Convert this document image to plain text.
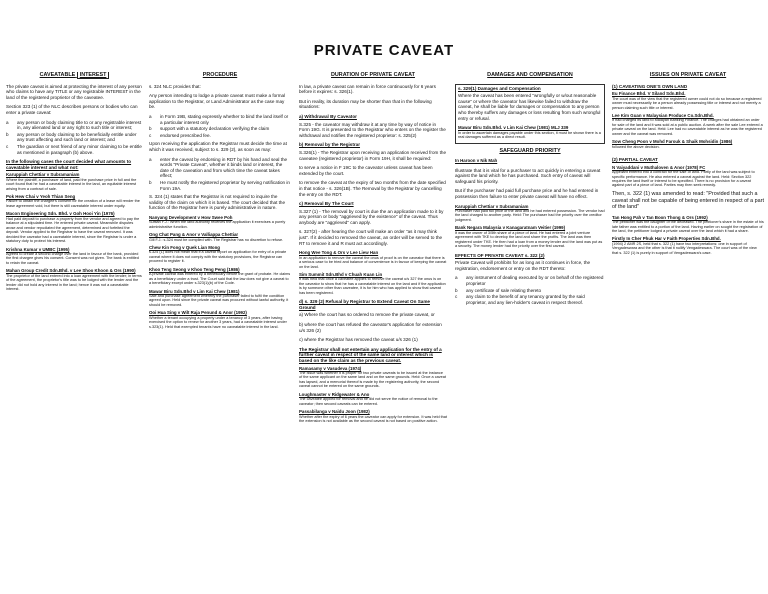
PRIVATE CAVEAT
CAVEATABLE INTEREST
The private caveat is aimed at protecting the interest of any person who claims to have any TITLE or any registrable INTEREST in the land of the registered proprietor of the caveatee.
Section 323 (1) of the NLC describes persons or bodies who can enter a private caveat:
a	any person or body claiming title to or any registrable interest in, any alienated land or any right to such title or interest;
b	any person or body claiming to be beneficially entitle under any trust affecting and such land or interest; and
c	The guardian or next friend of any minor claiming to be entitle as mentioned in paragraph (b) above.
In the following cases the court decided what amounts to caveatable interest and what not:
Karuppiah Chettiar v Subramaniam
Where the plaintiff, a purchaser of land, paid the purchase price in full and the court found that he had a caveatable interest in the land, an equitable interest arising from a contract of sale.
Pok Hew Chai v Yeoh Thian Seng
Failure to obtain the chargee's consent for the creation of a lease will render the lease agreement void, but there is still caveatable interest under equity.
Macon Engineering Sdn. Bhd. v Goh Hooi Yin (1976)
Had paid deposit to purchase a property from the vendor and agreed to pay the balance at a stipulated time. He entered private caveat. Meanwhile disputes arose and vendor repudiated the agreement, determined and forfeited the deposit. Vendor applied to the Registrar to have the caveat removed. It was decided the caveator had a caveatable interest, since the Registrar is under a statutory duty to protect his interest.
Krishna Kumar v UMBC (1995)
Agreed to create a second charge over the land in favour of the bank, provided the first chargee gives his consent. Consent was not given. The bank is entitled to retain the caveat.
Mahan Group Credit Sdn.Bhd. v Lee Shoo Khoon & Ors (1990)
The proprietor of the land entered into a loan agreement with the lender; in terms of the agreement, the proprietor's title was to be lodged with the lender and the lender did not hold any interest in the land; hence it was not a caveatable interest.
PROCEDURE
s. 324 NLC provides that:
Any person intending to lodge a private caveat must make a formal application to the Registrar, or Land Administrator as the case may be.
a	in Form 19B, stating expressly whether to bind the land itself or a particular interest only
b	support with a statutory declaration verifying the claim
c	endorsed prescribed fee.
Upon receiving the application the Registrar must decide the time at which it was received, subject to s. 329 (2), as soon as may:
a	enter the caveat by endorsing in RDT by his hand and seal the words "Private Caveat", whether it binds land or interest, the date of the caveation and from which time the caveat takes effect;
b	He must notify the registered proprietor by serving notification in Form 19A.
S. 324 (1) states that the Registrar is not required to inquire the validity of the claim on which it is based. The court decided that the function of the Registrar here is purely administrative in nature.
Nanyang Development v How Swee Poh
Suffian F.J.: When the land authority receives the application it exercises a purely administrative function.
Ong Chat Pang & Anor v Valliappa Chettiar
Gill F.J.: s.324 must be complied with. The Registrar has no discretion to refuse.
Chew Kin Fong v Quek Lian Mong
s.324 (1) does not mean that if a caveat report on application for entry of a private caveat where it does not comply with the statutory provisions, the Registrar can proceed to register it.
Khoo Teng Seong v Khoo Teng Peng (1986)
A private caveat was entered by a beneficiary before the grant of probate. He claims as a beneficiary under a trust. The Court said that the law does not give a caveat to a beneficiary except under s.323(1)(b) of the Code.
Mawar Biru Sdn.Bhd v Lim Kai Chew (1981)
Sale and purchase agreement whereby the purchaser failed to fulfil the condition agreed upon. Held since the private caveat was procured without lawful authority, it should be removed.
Ooi Hua Sing v Wilt Raja Penund & Anor (1992)
Whether a tenant occupying a property under a tenancy of 3 years, after having exercised the option to renew for another 3 years, had a caveatable interest under s.323(1). Held that exempted tenants have no caveatable interest in the land.
DURATION OF PRIVATE CAVEAT
In law, a private caveat can remain in force continuously for 6 years before it expires: s. 326(1).
But in reality, its duration may be shorter than that in the following situations:
a) Withdrawal By Caveator
S.325 - the caveator may withdraw it at any time by way of notice in Form 19G. It is presented to the Registrar who enters on the register the withdrawal and notifies the registered proprietor: s. 325(2)
b) Removal by the Registrar
S.326(1) - The Registrar upon receiving an application received from the caveatee (registered proprietor) in Form 19H, it shall be required:
to serve a notice in F 19C to the caveator unless caveat has been extended by the court.
to remove the caveat at the expiry of two months from the date specified in that notice - s. 326(1B). The Removal by the Registrar by cancelling the entry on the RDT.
c) Removal By The Court
S.327 (1) - The removal by court is due the an application made to it by any person or body "aggrieved by the existence" of the caveat. Thus anybody are "aggrieved" can apply.
s. 327(2) - after hearing the court will make an order "as it may think just". If it decided to removed the caveat, an order will be served to the RT to remove it and R must act accordingly.
Hong Wee Tong & Ors v Lee Liew Han
In an application to remove the caveat the onus of proof is on the caveator that there is a serious case to be tried and balance of convenience is in favour of keeping the caveat on the land.
Sim Summit Sdn.Bhd v Chuah Kuan Lin
It was held that once a caveatee applies to remove the caveat u/s 327 the onus is on the caveator to show that he has a caveatable interest on the land and if the application is by someone other than caveatee, it is for him who has applied to show that caveat has been registered.
d) s. 329 (2) Refusal by Registrar to Extend Caveat On Same Ground
a) Where the court has so ordered to remove the private caveat, or
b) where the court has refused the caveator's application for extension u/s 326 (2)
c) where the Registrar has removed the caveat u/s 326 (1)
The Registrar shall not entertain any application for the entry of a further caveat in respect of the same land or interest which is based on the like claim as the previous caveat.
Ramasamy v Vasudeva (1974)
The issue was whether it is proper for two private caveats to be issued at the instance of the same applicant on the same land and on the same grounds. Held: Once a caveat has lapsed, and a memorial thereof is made by the registering authority, the second caveat cannot be entered on the same grounds.
Loughmaster v Ridgewater & Ano
The caveatee applied for removal and he did not serve the notice of removal to the caveator; then second caveats can be entered.
Passabilanga v Naidu Joon (1982)
Whether after the expiry of 6 years the caveator can apply for extension. It was held that the extension is not available as the second caveat is not based on positive action.
DAMAGES AND COMPENSATION
s. 329(1) Damages and Compensation
Where the caveat has been entered "wrongfully or w/out reasonable cause" or where the caveator has likewise failed to withdraw the caveat, he shall be liable for damages or compensation to any person who thereby suffers any damages or loss resulting from such wrongful entry or refusal.
Mawar Biru Sdn.Bhd. v Lim Kai Chew (1981) MLJ 339
In order to ascertain damages payable under this section, it must be shown there is a real damages suffered as a direct result.
SAFEGUARD PRIORITY
In Haroon v Nik Mah
Illustrate that it is vital for a purchaser to act quickly in entering a caveat against the land which he has purchased. Such entry of caveat will safeguard his priority.
But if the purchaser had paid full purchase price and he had entered in possession then failure to enter private caveat will have no effect.
Karuppiah Chettiar v Subramaniam
Purchaser had paid full price of the land and he had entered possession. The vendor had the land charged to another party. Held: The purchaser had the priority over the creditor judgment.
Bank Negara Malaysia v Kanagaratnam Veitier (1999)
It was the owner of 3/5th share of a piece of land. He had entered a joint venture agreement with TKE to develop the land and share the profits. The land was then registered under TKE. He then had a loan from a money lender and the land was put as a security. The money lender had the priority over the first caveat.
EFFECTS OF PRIVATE CAVEAT s. 322 (2)
Private Caveat will prohibits for as long as it continues in force, the registration, endorsement or entry on the RDT thereto:
a	any instrument of dealing executed by or on behalf of the registered proprietor
b	any certificate of sale relating thereto
c	any claim to the benefit of any tenancy granted by the said proprietor, and any lien-holder's caveat in respect thereof.
ISSUES ON PRIVATE CAVEAT
(1) CAVEATING ONE'S OWN LAND
Eu Finance Bhd. V Siland Sdn.Bhd.
The court was of the view that the registered owner could not do so because a registered owner must necessarily be a person already possessing title or interest and not merely a person claiming such title or interest.
Lee Kim Guan v Malaysian Produce Co.Sdn.Bhd.
It had charged its land to Malayan Banking Finance. The charges had obtained an order for sale of the land and it was sold at a public auction. A week after the sale Lee entered a private caveat on the land. Held: Lee had no caveatable interest as he was the registered owner and the caveat was removed.
Sow Cheng Poon v Mohd Farouk & Shaik Mohsidin (1986)
followed the above decision.
(2) PARTIAL CAVEAT
N Vaiyaddani v Muthaloven & Anor (1978) FC
Appellant entered into a contract for the sale of land. Partly of the land was subject to specific performance. He also entered a caveat against the land. Held: Section 322 requires the land itself or interest to be specified. There is no provision for a caveat against part of a piece of land. Parties may then seek remedy.
Then, s. 322 (1) was amended to read: "Provided that such a caveat shall not be capable of being entered in respect of a part of the land"
Tan Hong Pah v Tan Boon Thong & Ors (1992)
The petitioner was the daughter of the deceased. The petitioner's share in the estate of his late father was entitled to a portion of the land. Having earlier on sought the registration of the land, the petitioner lodged a private caveat over the land which it had a share.
Firstly In Cher Phuk Har v Faith Properties Sdn.Bhd.
(1994) 2 AMR 2S, held that s. 322 (1) have two interpretations: one in support of Vengadeswara and the other is that it nullify Vengadeswara. The court was of the view that s. 322 (1) is purely in support of Vengadeswara's case.
